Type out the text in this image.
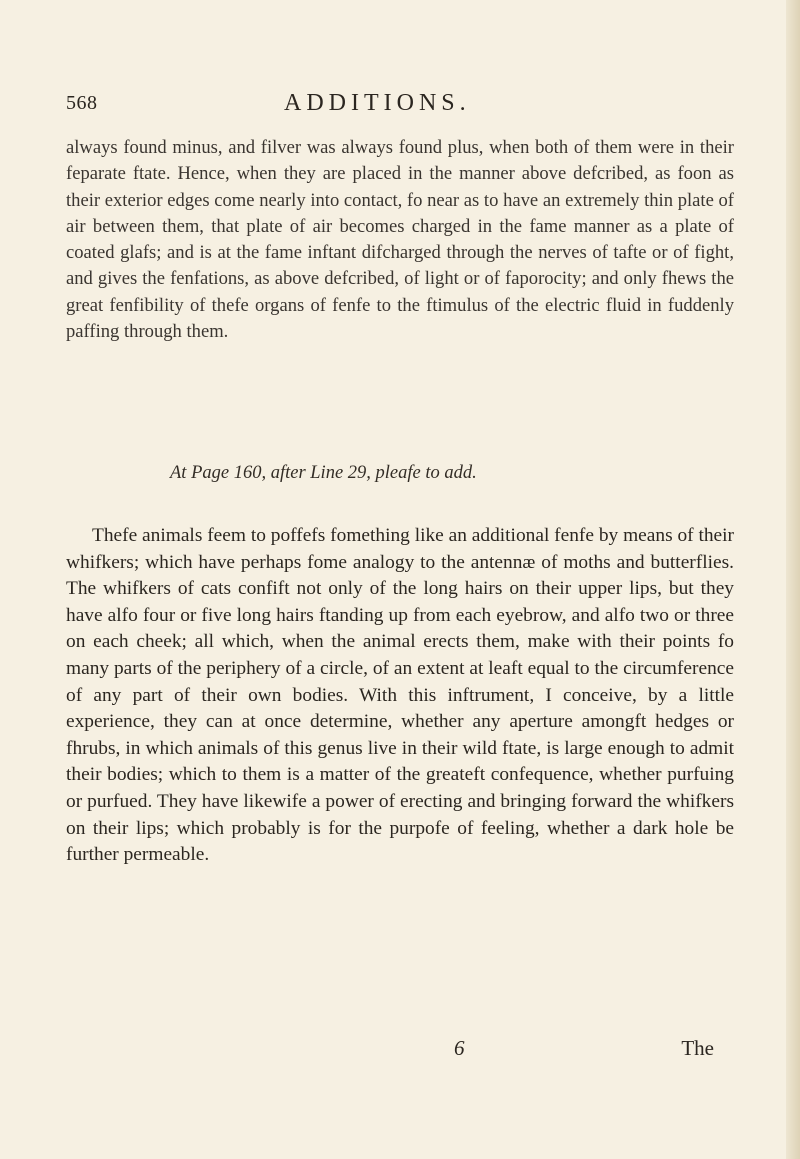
568	ADDITIONS.

always found minus, and filver was always found plus, when both of them were in their feparate ftate. Hence, when they are placed in the manner above defcribed, as foon as their exterior edges come nearly into contact, fo near as to have an extremely thin plate of air between them, that plate of air becomes charged in the fame manner as a plate of coated glafs; and is at the fame inftant difcharged through the nerves of tafte or of fight, and gives the fenfations, as above defcribed, of light or of faporocity; and only fhews the great fenfibility of thefe organs of fenfe to the ftimulus of the electric fluid in fuddenly paffing through them.

At Page 160, after Line 29, pleafe to add.

Thefe animals feem to poffefs fomething like an additional fenfe by means of their whifkers; which have perhaps fome analogy to the antennæ of moths and butterflies. The whifkers of cats confift not only of the long hairs on their upper lips, but they have alfo four or five long hairs ftanding up from each eyebrow, and alfo two or three on each cheek; all which, when the animal erects them, make with their points fo many parts of the periphery of a circle, of an extent at leaft equal to the circumference of any part of their own bodies. With this inftrument, I conceive, by a little experience, they can at once determine, whether any aperture amongft hedges or fhrubs, in which animals of this genus live in their wild ftate, is large enough to admit their bodies; which to them is a matter of the greateft confequence, whether purfuing or purfued. They have likewife a power of erecting and bringing forward the whifkers on their lips; which probably is for the purpofe of feeling, whether a dark hole be further permeable.

6	The
